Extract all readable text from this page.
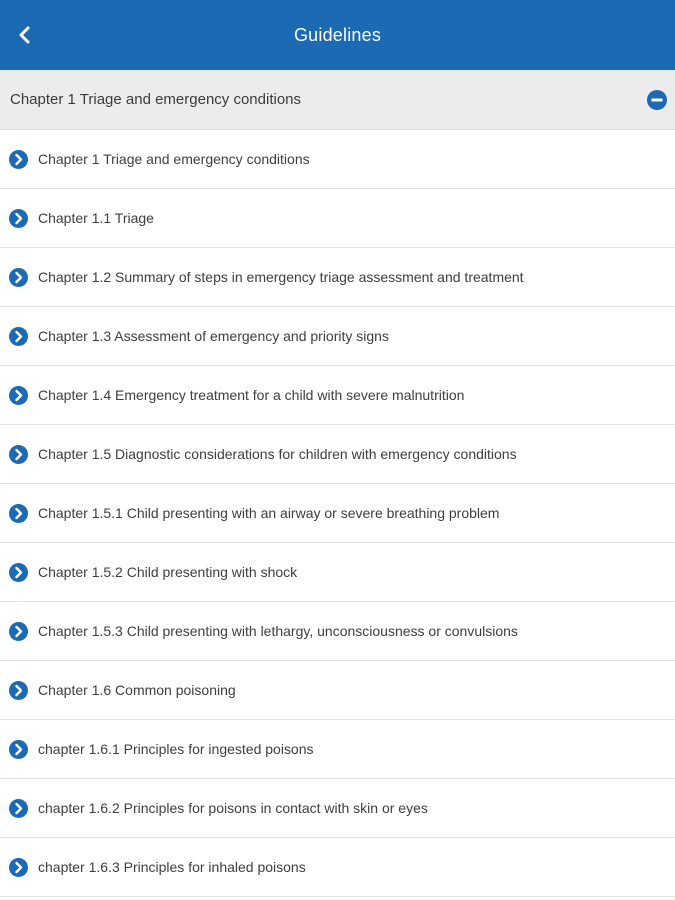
Guidelines
Chapter 1 Triage and emergency conditions
Chapter 1 Triage and emergency conditions
Chapter 1.1 Triage
Chapter 1.2 Summary of steps in emergency triage assessment and treatment
Chapter 1.3 Assessment of emergency and priority signs
Chapter 1.4 Emergency treatment for a child with severe malnutrition
Chapter 1.5 Diagnostic considerations for children with emergency conditions
Chapter 1.5.1 Child presenting with an airway or severe breathing problem
Chapter 1.5.2 Child presenting with shock
Chapter 1.5.3 Child presenting with lethargy, unconsciousness or convulsions
Chapter 1.6 Common poisoning
chapter 1.6.1 Principles for ingested poisons
chapter 1.6.2 Principles for poisons in contact with skin or eyes
chapter 1.6.3 Principles for inhaled poisons
